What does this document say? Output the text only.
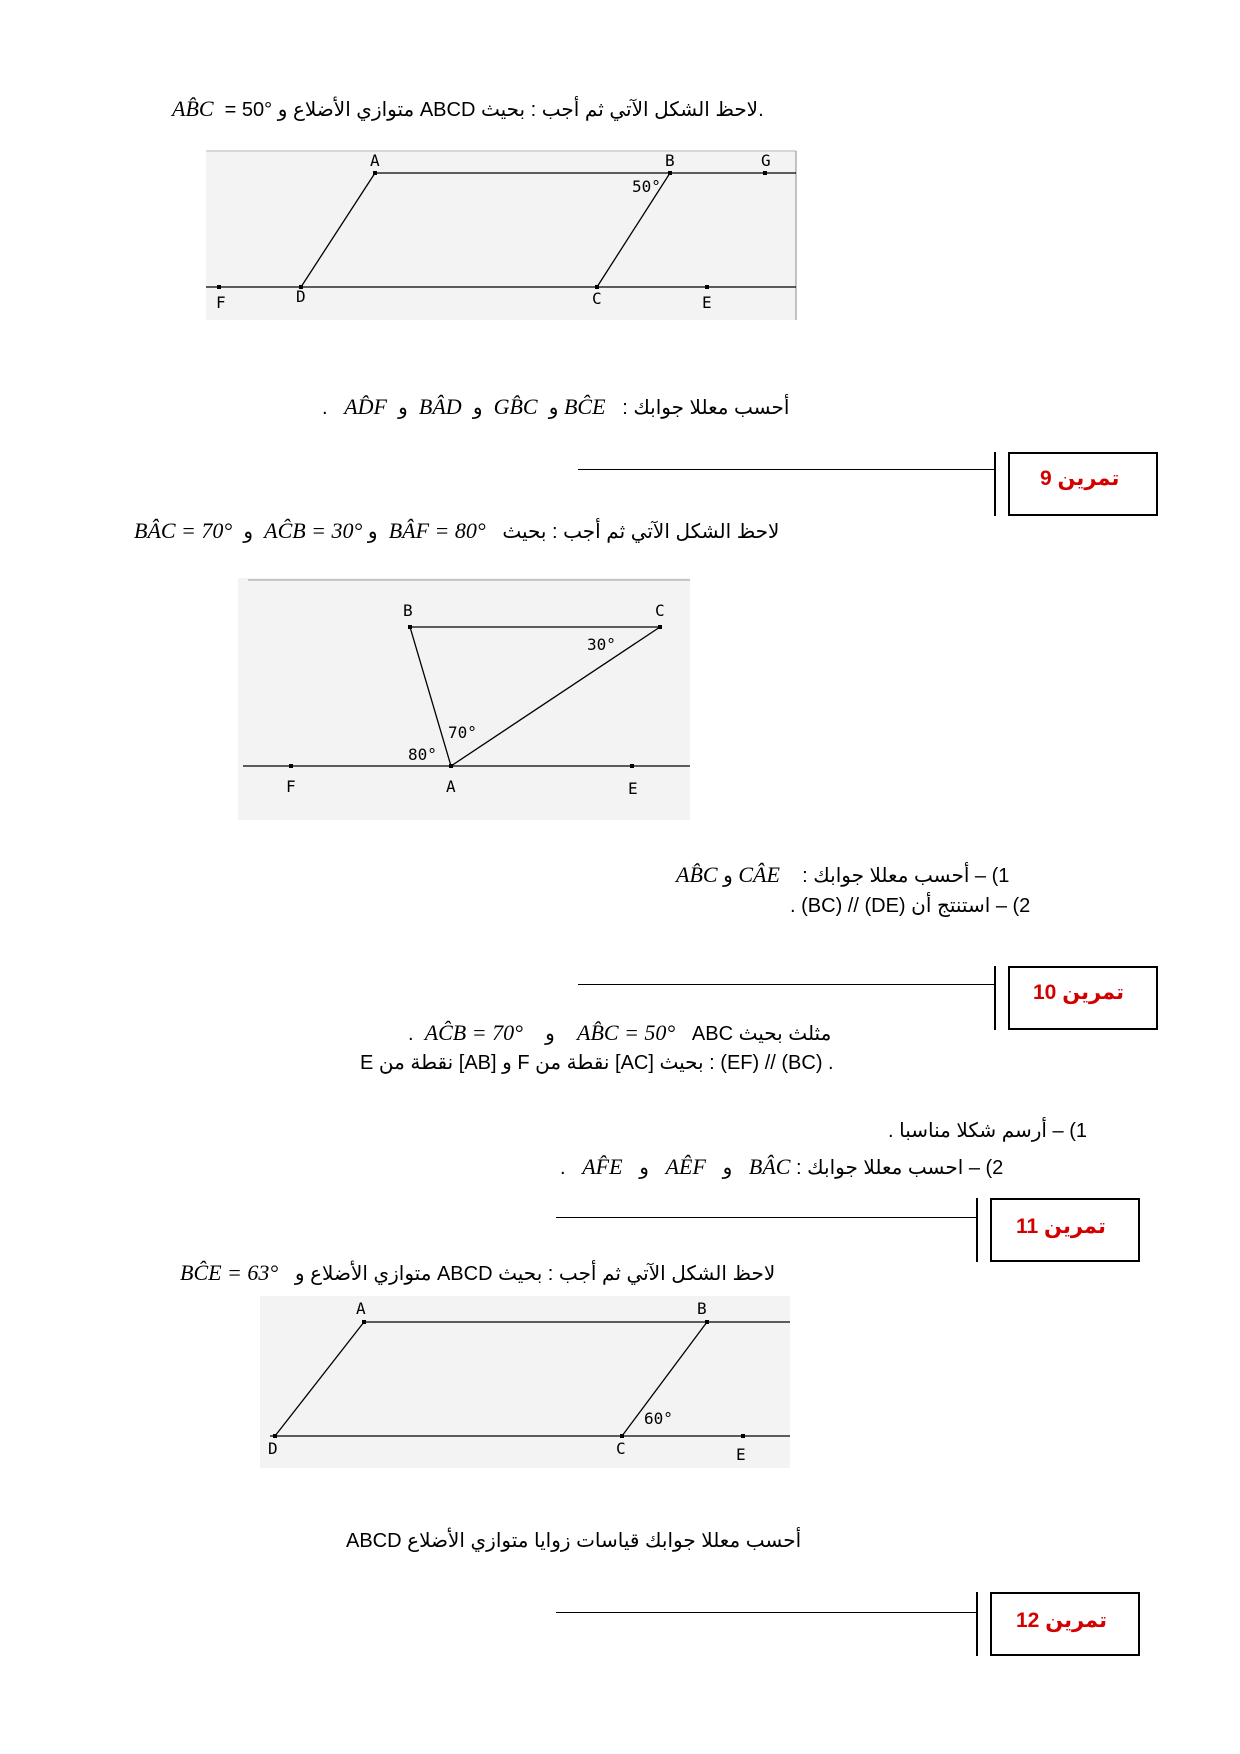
AB̂C لاحظ الشكل الآتي ثم أجب : بحيث ABCD متوازي الأضلاع و °50 = .
A	B	G
D	C	E
F
50°
. AD̂F و BÂD و GB̂C و BĈE أحسب معللا جوابك :
تمرين 9
BÂC = 70° و AĈB = 30° و BÂF = 80° لاحظ الشكل الآتي ثم أجب : بحيث
B	C
F	A	E
30°
70°
80°
AB̂C و CÂE 1) – أحسب معللا جوابك :
2) – استنتج أن (DE) // (BC) .
تمرين 10
. AĈB = 70° و AB̂C = 50° ABC مثلث بحيث
E نقطة من [AB] و F نقطة من [AC] بحيث : (EF) // (BC) .
1) – أرسم شكلا مناسبا .
. AF̂E و AÊF و BÂC 2) – احسب معللا جوابك :
تمرين 11
BĈE = 63° لاحظ الشكل الآتي ثم أجب : بحيث ABCD متوازي الأضلاع و
A	B
D	C	E
60°
أحسب معللا جوابك قياسات زوايا متوازي الأضلاع ABCD
تمرين 12
